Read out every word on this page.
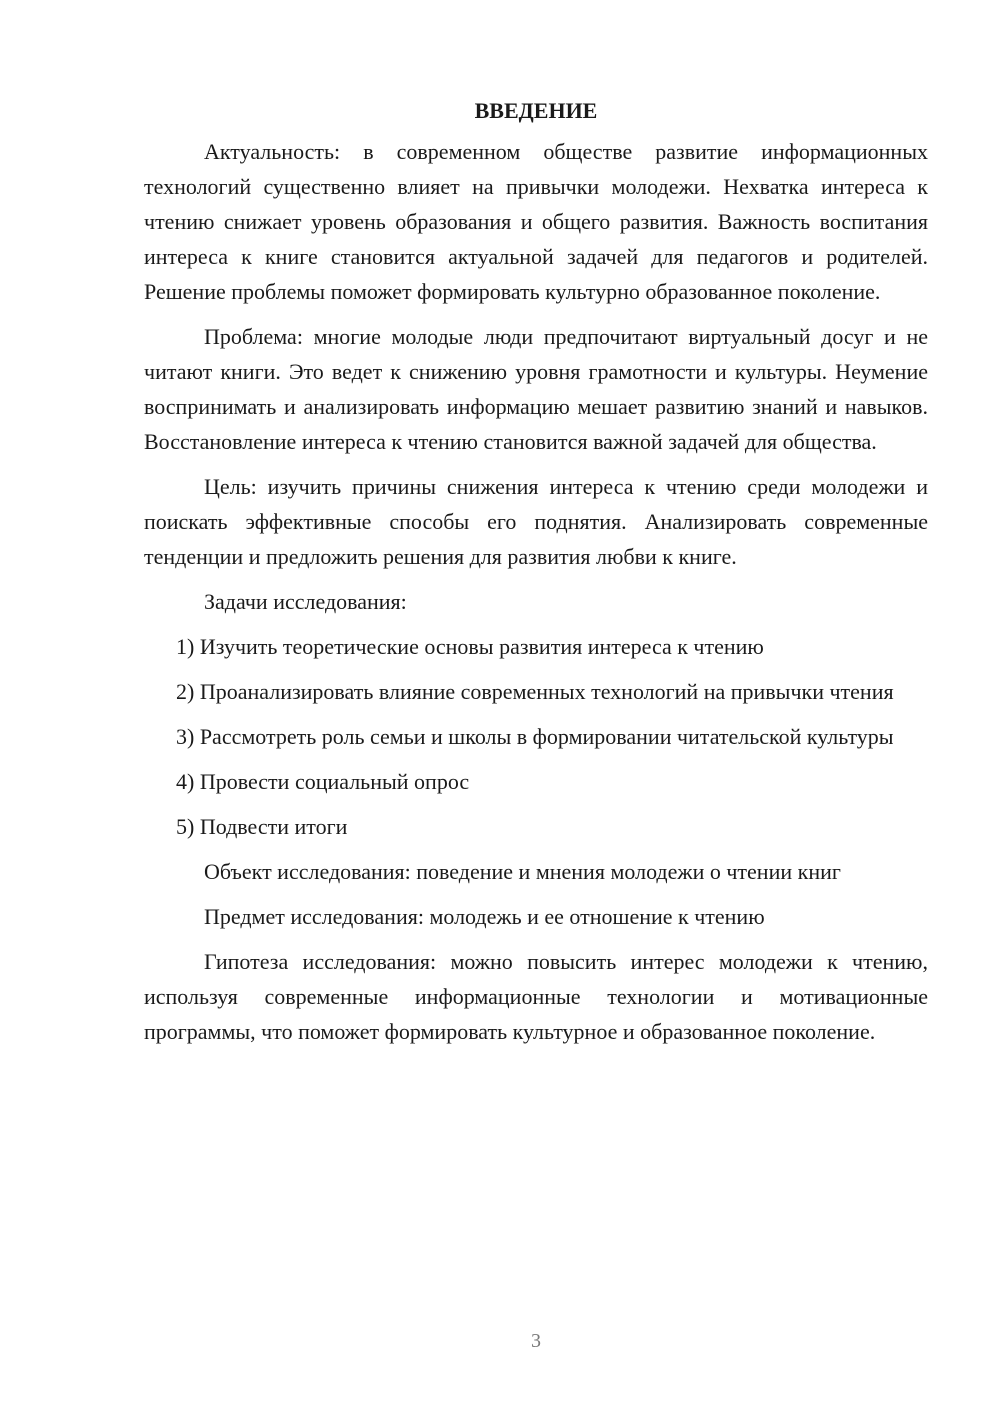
ВВЕДЕНИЕ

Актуальность: в современном обществе развитие информационных технологий существенно влияет на привычки молодежи. Нехватка интереса к чтению снижает уровень образования и общего развития. Важность воспитания интереса к книге становится актуальной задачей для педагогов и родителей. Решение проблемы поможет формировать культурно образованное поколение.

Проблема: многие молодые люди предпочитают виртуальный досуг и не читают книги. Это ведет к снижению уровня грамотности и культуры. Неумение воспринимать и анализировать информацию мешает развитию знаний и навыков. Восстановление интереса к чтению становится важной задачей для общества.

Цель: изучить причины снижения интереса к чтению среди молодежи и поискать эффективные способы его поднятия. Анализировать современные тенденции и предложить решения для развития любви к книге.

Задачи исследования:

1) Изучить теоретические основы развития интереса к чтению

2) Проанализировать влияние современных технологий на привычки чтения

3) Рассмотреть роль семьи и школы в формировании читательской культуры

4) Провести социальный опрос

5) Подвести итоги

Объект исследования: поведение и мнения молодежи о чтении книг

Предмет исследования: молодежь и ее отношение к чтению

Гипотеза исследования: можно повысить интерес молодежи к чтению, используя современные информационные технологии и мотивационные программы, что поможет формировать культурное и образованное поколение.

3
